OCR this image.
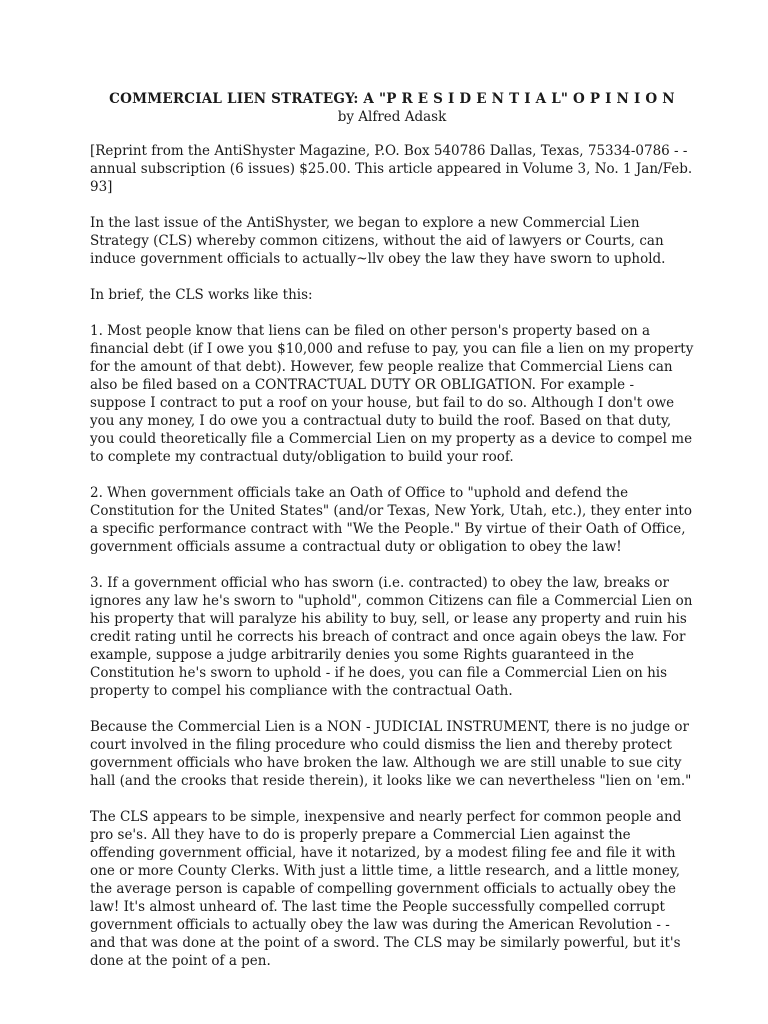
COMMERCIAL LIEN STRATEGY: A "P R E S I D E N T I A L" O P I N I O N
by Alfred Adask

[Reprint from the AntiShyster Magazine, P.O. Box 540786 Dallas, Texas, 75334-0786 - - annual subscription (6 issues) $25.00. This article appeared in Volume 3, No. 1 Jan/Feb. 93]

In the last issue of the AntiShyster, we began to explore a new Commercial Lien Strategy (CLS) whereby common citizens, without the aid of lawyers or Courts, can induce government officials to actually~llv obey the law they have sworn to uphold.

In brief, the CLS works like this:

1. Most people know that liens can be filed on other person's property based on a financial debt (if I owe you $10,000 and refuse to pay, you can file a lien on my property for the amount of that debt). However, few people realize that Commercial Liens can also be filed based on a CONTRACTUAL DUTY OR OBLIGATION. For example - suppose I contract to put a roof on your house, but fail to do so. Although I don't owe you any money, I do owe you a contractual duty to build the roof. Based on that duty, you could theoretically file a Commercial Lien on my property as a device to compel me to complete my contractual duty/obligation to build your roof.

2. When government officials take an Oath of Office to "uphold and defend the Constitution for the United States" (and/or Texas, New York, Utah, etc.), they enter into a specific performance contract with "We the People." By virtue of their Oath of Office, government officials assume a contractual duty or obligation to obey the law!

3. If a government official who has sworn (i.e. contracted) to obey the law, breaks or ignores any law he's sworn to "uphold", common Citizens can file a Commercial Lien on his property that will paralyze his ability to buy, sell, or lease any property and ruin his credit rating until he corrects his breach of contract and once again obeys the law. For example, suppose a judge arbitrarily denies you some Rights guaranteed in the Constitution he's sworn to uphold - if he does, you can file a Commercial Lien on his property to compel his compliance with the contractual Oath.

Because the Commercial Lien is a NON - JUDICIAL INSTRUMENT, there is no judge or court involved in the filing procedure who could dismiss the lien and thereby protect government officials who have broken the law. Although we are still unable to sue city hall (and the crooks that reside therein), it looks like we can nevertheless "lien on 'em."

The CLS appears to be simple, inexpensive and nearly perfect for common people and pro se's. All they have to do is properly prepare a Commercial Lien against the offending government official, have it notarized, by a modest filing fee and file it with one or more County Clerks. With just a little time, a little research, and a little money, the average person is capable of compelling government officials to actually obey the law! It's almost unheard of. The last time the People successfully compelled corrupt government officials to actually obey the law was during the American Revolution - - and that was done at the point of a sword. The CLS may be similarly powerful, but it's done at the point of a pen.
